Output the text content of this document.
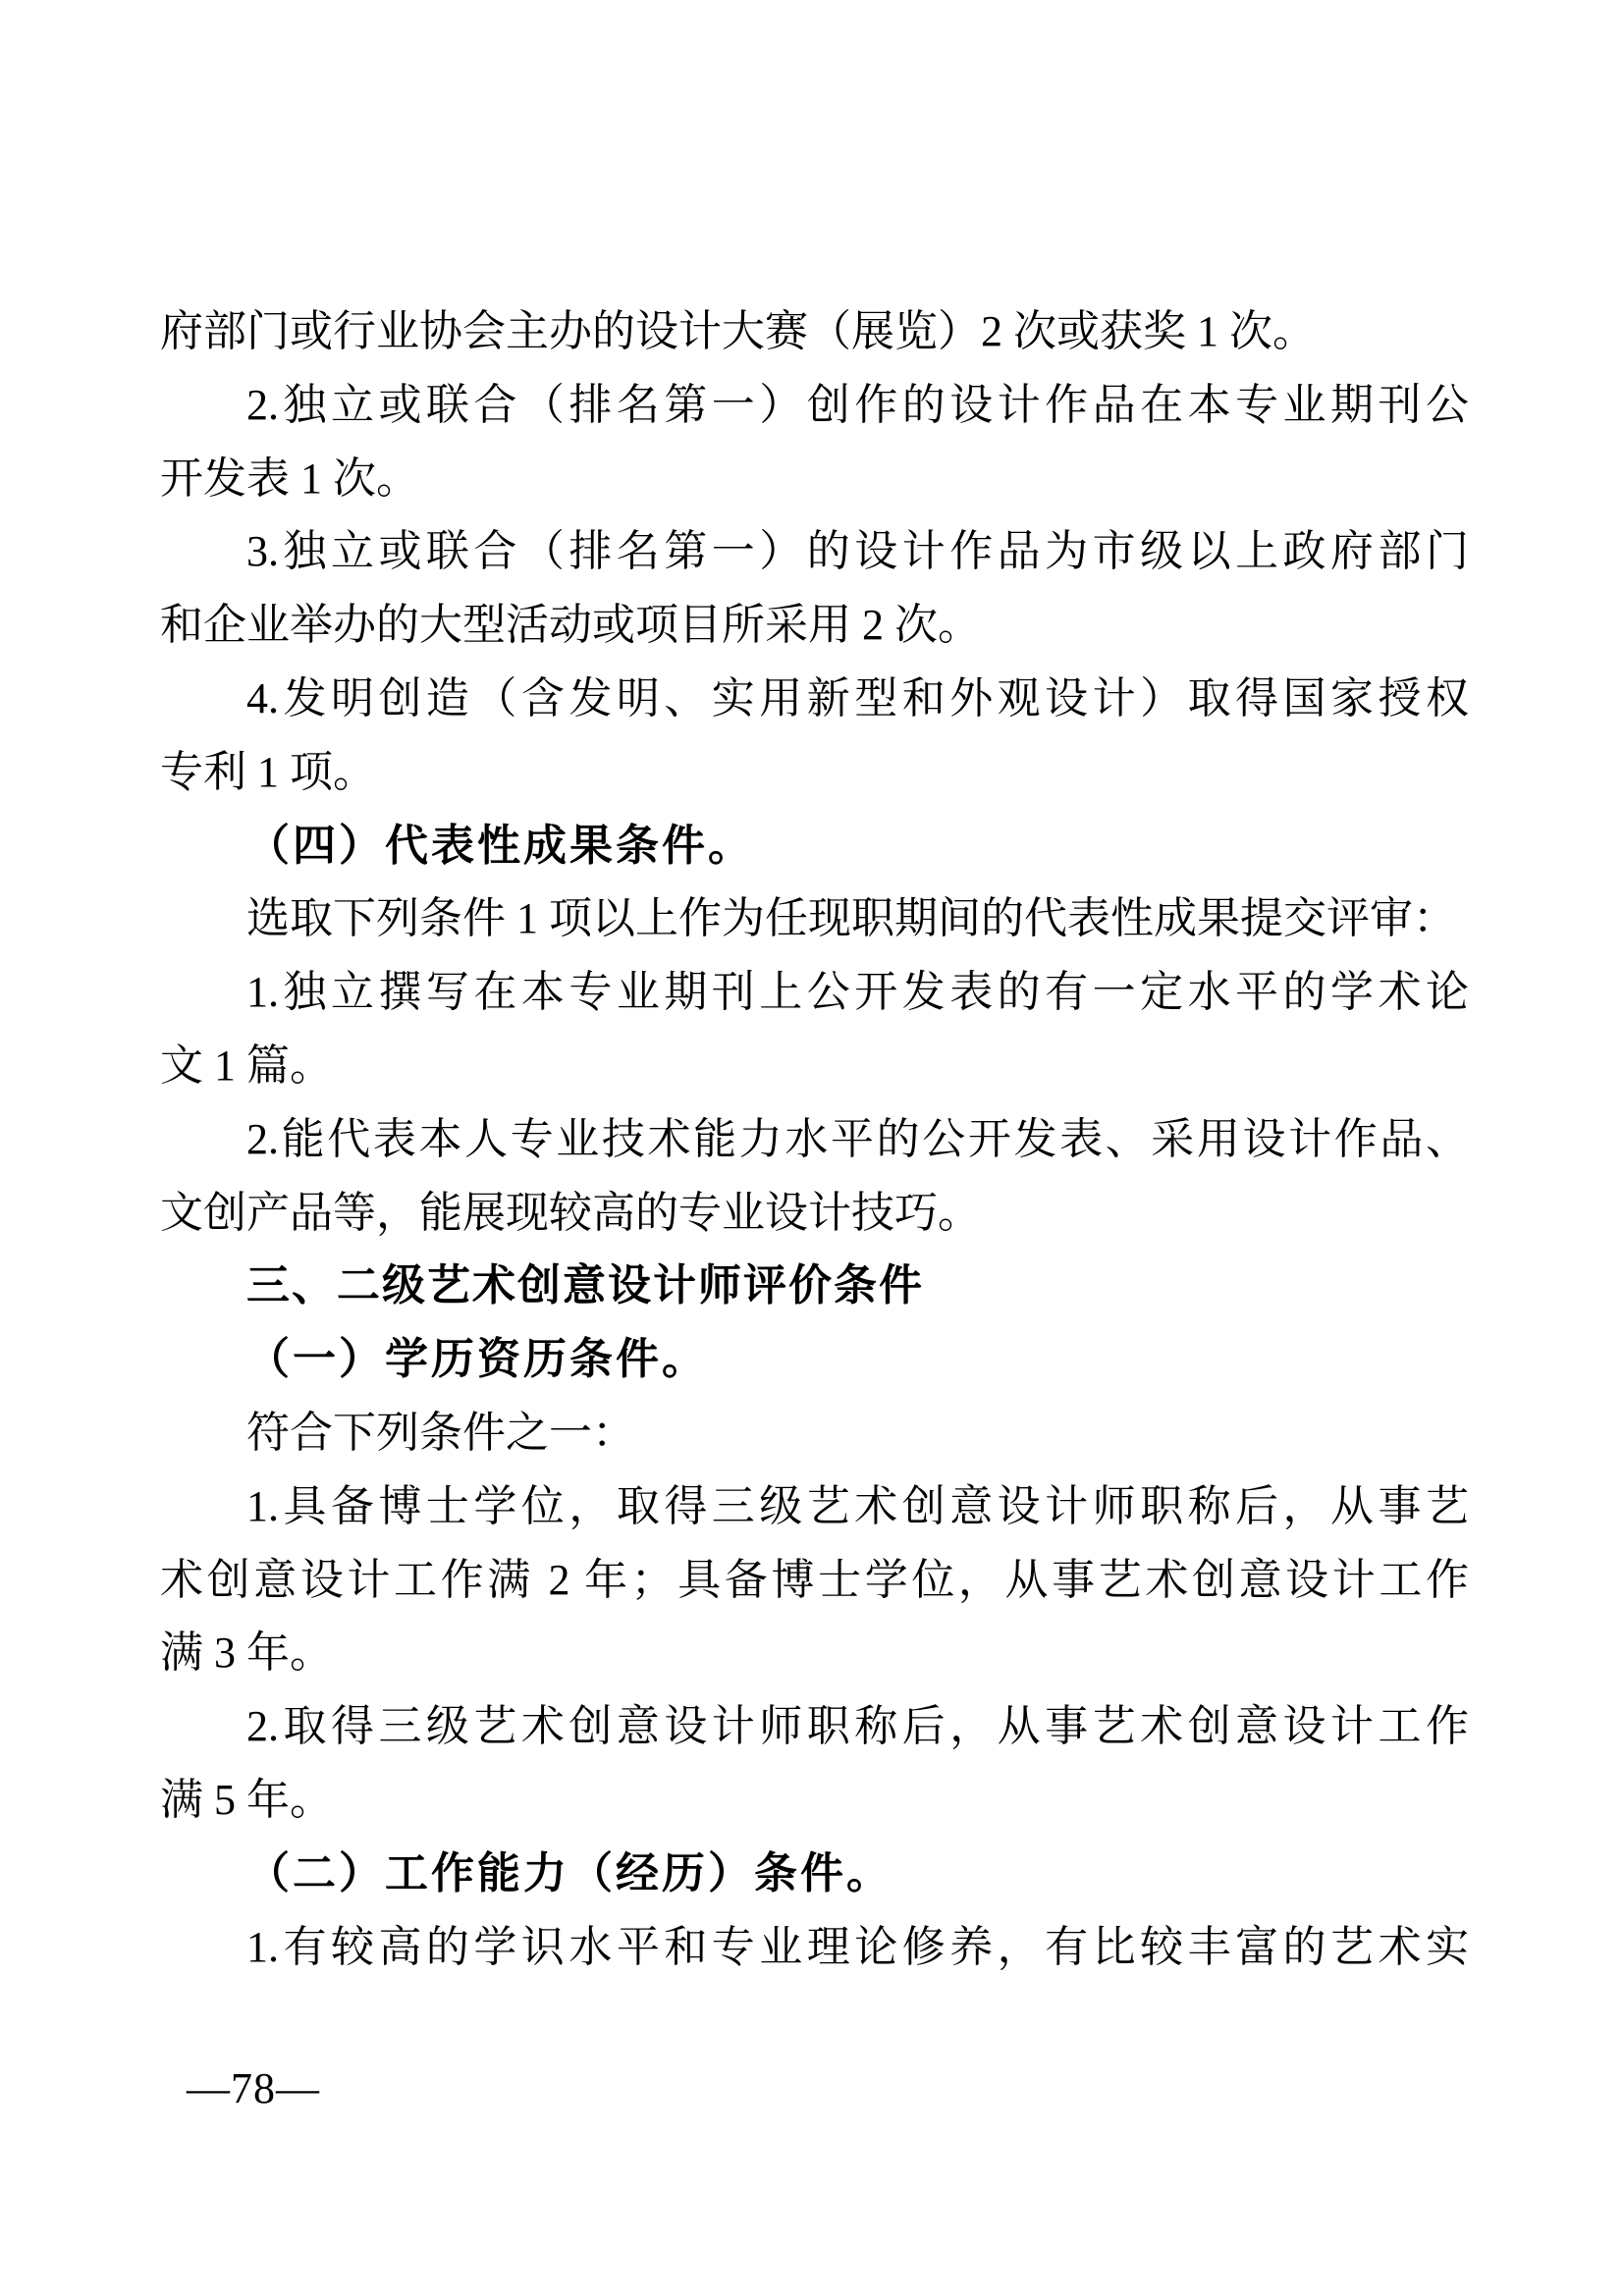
府部门或行业协会主办的设计大赛（展览）2 次或获奖 1 次。
2.独立或联合（排名第一）创作的设计作品在本专业期刊公
开发表 1 次。
3.独立或联合（排名第一）的设计作品为市级以上政府部门
和企业举办的大型活动或项目所采用 2 次。
4.发明创造（含发明、实用新型和外观设计）取得国家授权
专利 1 项。
（四）代表性成果条件。
选取下列条件 1 项以上作为任现职期间的代表性成果提交评审：
1.独立撰写在本专业期刊上公开发表的有一定水平的学术论
文 1 篇。
2.能代表本人专业技术能力水平的公开发表、采用设计作品、
文创产品等，能展现较高的专业设计技巧。
三、二级艺术创意设计师评价条件
（一）学历资历条件。
符合下列条件之一：
1.具备博士学位，取得三级艺术创意设计师职称后，从事艺
术创意设计工作满 2 年；具备博士学位，从事艺术创意设计工作
满 3 年。
2.取得三级艺术创意设计师职称后，从事艺术创意设计工作
满 5 年。
（二）工作能力（经历）条件。
1.有较高的学识水平和专业理论修养，有比较丰富的艺术实
—78—
